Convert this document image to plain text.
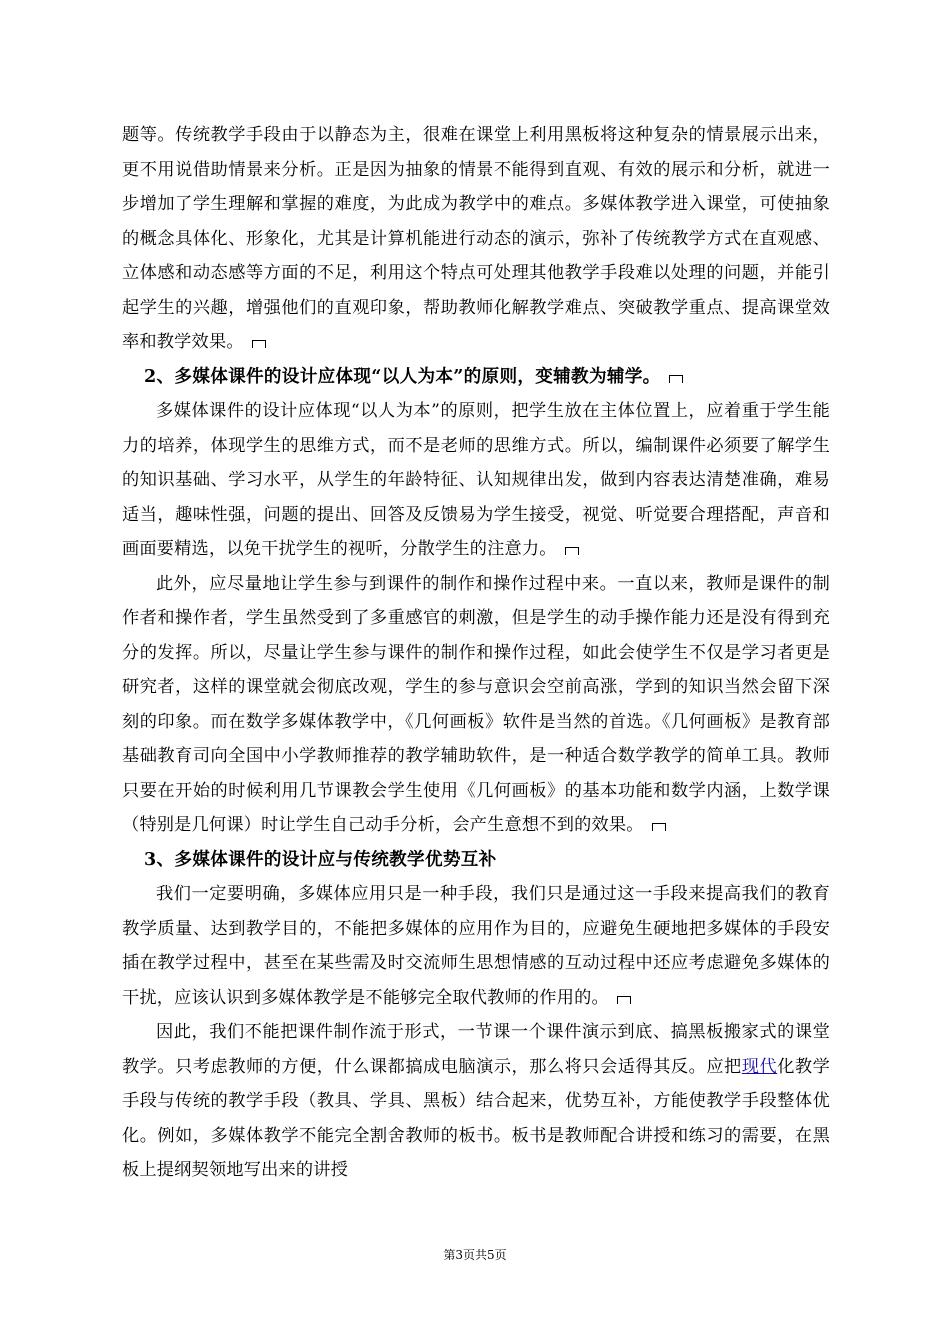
题等。传统教学手段由于以静态为主，很难在课堂上利用黑板将这种复杂的情景展示出来，更不用说借助情景来分析。正是因为抽象的情景不能得到直观、有效的展示和分析，就进一步增加了学生理解和掌握的难度，为此成为教学中的难点。多媒体教学进入课堂，可使抽象的概念具体化、形象化，尤其是计算机能进行动态的演示，弥补了传统教学方式在直观感、立体感和动态感等方面的不足，利用这个特点可处理其他教学手段难以处理的问题，并能引起学生的兴趣，增强他们的直观印象，帮助教师化解教学难点、突破教学重点、提高课堂效率和教学效果。

2、多媒体课件的设计应体现“以人为本”的原则，变辅教为辅学。

多媒体课件的设计应体现“以人为本”的原则，把学生放在主体位置上，应着重于学生能力的培养，体现学生的思维方式，而不是老师的思维方式。所以，编制课件必须要了解学生的知识基础、学习水平，从学生的年龄特征、认知规律出发，做到内容表达清楚准确，难易适当，趣味性强，问题的提出、回答及反馈易为学生接受，视觉、听觉要合理搭配，声音和画面要精选，以免干扰学生的视听，分散学生的注意力。

此外，应尽量地让学生参与到课件的制作和操作过程中来。一直以来，教师是课件的制作者和操作者，学生虽然受到了多重感官的刺激，但是学生的动手操作能力还是没有得到充分的发挥。所以，尽量让学生参与课件的制作和操作过程，如此会使学生不仅是学习者更是研究者，这样的课堂就会彻底改观，学生的参与意识会空前高涨，学到的知识当然会留下深刻的印象。而在数学多媒体教学中，《几何画板》软件是当然的首选。《几何画板》是教育部基础教育司向全国中小学教师推荐的教学辅助软件，是一种适合数学教学的简单工具。教师只要在开始的时候利用几节课教会学生使用《几何画板》的基本功能和数学内涵，上数学课（特别是几何课）时让学生自己动手分析，会产生意想不到的效果。

3、多媒体课件的设计应与传统教学优势互补

我们一定要明确，多媒体应用只是一种手段，我们只是通过这一手段来提高我们的教育教学质量、达到教学目的，不能把多媒体的应用作为目的，应避免生硬地把多媒体的手段安插在教学过程中，甚至在某些需及时交流师生思想情感的互动过程中还应考虑避免多媒体的干扰，应该认识到多媒体教学是不能够完全取代教师的作用的。

因此，我们不能把课件制作流于形式，一节课一个课件演示到底、搞黑板搬家式的课堂教学。只考虑教师的方便，什么课都搞成电脑演示，那么将只会适得其反。应把现代化教学手段与传统的教学手段（教具、学具、黑板）结合起来，优势互补，方能使教学手段整体优化。例如，多媒体教学不能完全割舍教师的板书。板书是教师配合讲授和练习的需要，在黑板上提纲契领地写出来的讲授

第3页共5页
